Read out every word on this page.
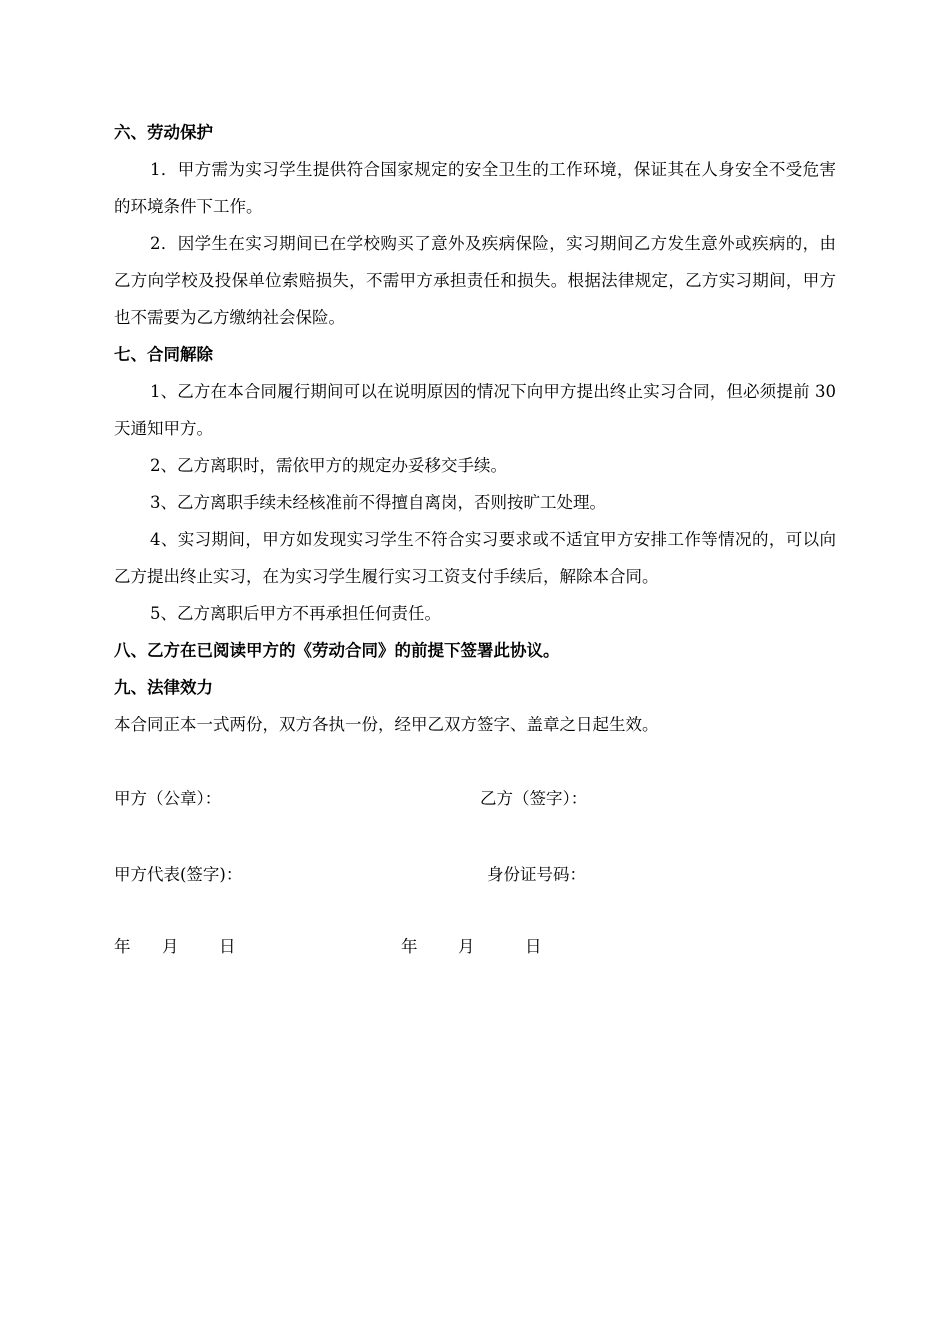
六、劳动保护

1．甲方需为实习学生提供符合国家规定的安全卫生的工作环境，保证其在人身安全不受危害的环境条件下工作。

2．因学生在实习期间已在学校购买了意外及疾病保险，实习期间乙方发生意外或疾病的，由乙方向学校及投保单位索赔损失，不需甲方承担责任和损失。根据法律规定，乙方实习期间，甲方也不需要为乙方缴纳社会保险。

七、合同解除

1、乙方在本合同履行期间可以在说明原因的情况下向甲方提出终止实习合同，但必须提前 30 天通知甲方。

2、乙方离职时，需依甲方的规定办妥移交手续。

3、乙方离职手续未经核准前不得擅自离岗，否则按旷工处理。

4、实习期间，甲方如发现实习学生不符合实习要求或不适宜甲方安排工作等情况的，可以向乙方提出终止实习，在为实习学生履行实习工资支付手续后，解除本合同。

5、乙方离职后甲方不再承担任何责任。

八、乙方在已阅读甲方的《劳动合同》的前提下签署此协议。

九、法律效力

本合同正本一式两份，双方各执一份，经甲乙双方签字、盖章之日起生效。

甲方（公章）：	乙方（签字）：
甲方代表(签字)：	身份证号码：
年 月 日	年 月	日
